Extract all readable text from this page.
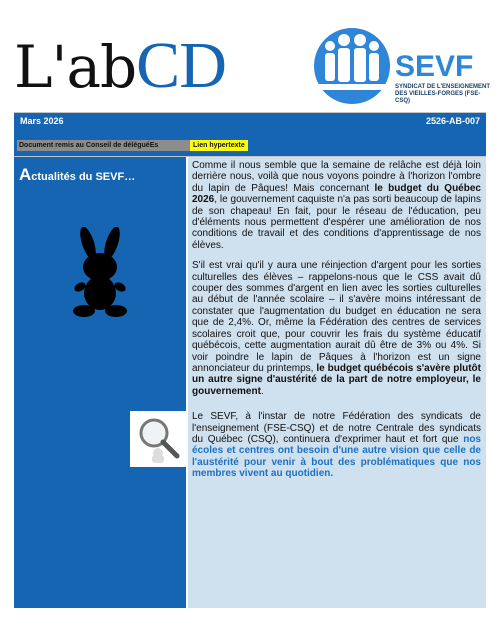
L'abCD	SEVF
SYNDICAT DE L'ENSEIGNEMENT DES VIEILLES-FORGES (FSE-CSQ)
Mars 2026	2526-AB-007
Document remis au Conseil de déléguéEs	Lien hypertexte
Actualités du SEVF…

Comme il nous semble que la semaine de relâche est déjà loin derrière nous, voilà que nous voyons poindre à l'horizon l'ombre du lapin de Pâques! Mais concernant le budget du Québec 2026, le gouvernement caquiste n'a pas sorti beaucoup de lapins de son chapeau! En fait, pour le réseau de l'éducation, peu d'éléments nous permettent d'espérer une amélioration de nos conditions de travail et des conditions d'apprentissage de nos élèves.

S'il est vrai qu'il y aura une réinjection d'argent pour les sorties culturelles des élèves – rappelons-nous que le CSS avait dû couper des sommes d'argent en lien avec les sorties culturelles au début de l'année scolaire – il s'avère moins intéressant de constater que l'augmentation du budget en éducation ne sera que de 2,4%. Or, même la Fédération des centres de services scolaires croit que, pour couvrir les frais du système éducatif québécois, cette augmentation aurait dû être de 3% ou 4%. Si voir poindre le lapin de Pâques à l'horizon est un signe annonciateur du printemps, le budget québécois s'avère plutôt un autre signe d'austérité de la part de notre employeur, le gouvernement.

Le SEVF, à l'instar de notre Fédération des syndicats de l'enseignement (FSE-CSQ) et de notre Centrale des syndicats du Québec (CSQ), continuera d'exprimer haut et fort que nos écoles et centres ont besoin d'une autre vision que celle de l'austérité pour venir à bout des problématiques que nos membres vivent au quotidien.
